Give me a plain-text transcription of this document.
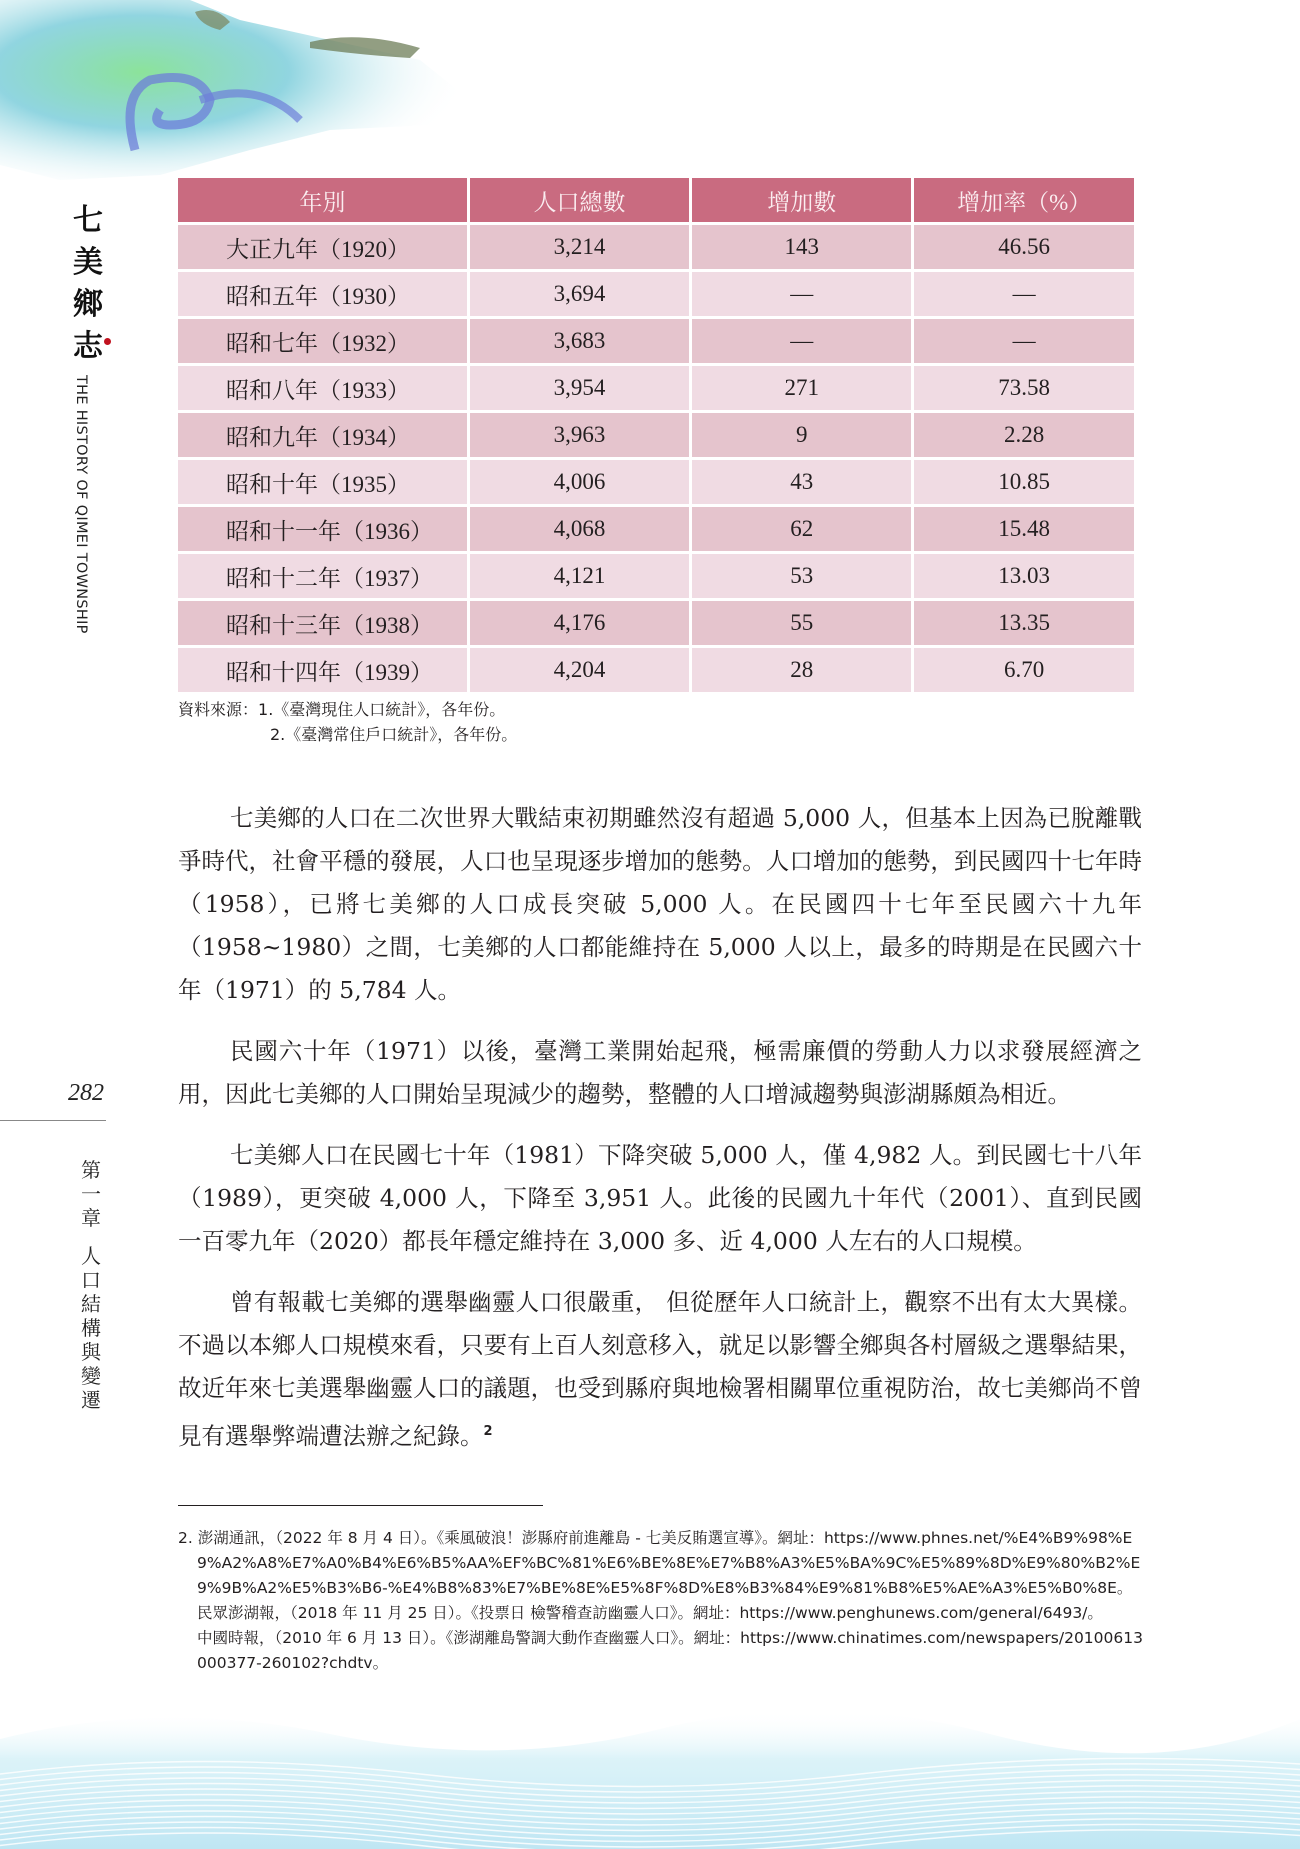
七
美
鄉
志
THE HISTORY OF QIMEI TOWNSHIP
282
第
一
章
人
口
結
構
與
變
遷
年別	人口總數	增加數	增加率（%）
大正九年（1920）	3,214	143	46.56
昭和五年（1930）	3,694	—	—
昭和七年（1932）	3,683	—	—
昭和八年（1933）	3,954	271	73.58
昭和九年（1934）	3,963	9	2.28
昭和十年（1935）	4,006	43	10.85
昭和十一年（1936）	4,068	62	15.48
昭和十二年（1937）	4,121	53	13.03
昭和十三年（1938）	4,176	55	13.35
昭和十四年（1939）	4,204	28	6.70
資料來源：1.《臺灣現住人口統計》，各年份。
2.《臺灣常住戶口統計》，各年份。

七美鄉的人口在二次世界大戰結束初期雖然沒有超過 5,000 人，但基本上因為已脫離戰爭時代，社會平穩的發展，人口也呈現逐步增加的態勢。人口增加的態勢，到民國四十七年時（1958），已將七美鄉的人口成長突破 5,000 人。在民國四十七年至民國六十九年（1958~1980）之間，七美鄉的人口都能維持在 5,000 人以上，最多的時期是在民國六十年（1971）的 5,784 人。

民國六十年（1971）以後，臺灣工業開始起飛，極需廉價的勞動人力以求發展經濟之用，因此七美鄉的人口開始呈現減少的趨勢，整體的人口增減趨勢與澎湖縣頗為相近。

七美鄉人口在民國七十年（1981）下降突破 5,000 人，僅 4,982 人。到民國七十八年（1989），更突破 4,000 人，下降至 3,951 人。此後的民國九十年代（2001）、直到民國一百零九年（2020）都長年穩定維持在 3,000 多、近 4,000 人左右的人口規模。

曾有報載七美鄉的選舉幽靈人口很嚴重， 但從歷年人口統計上，觀察不出有太大異樣。不過以本鄉人口規模來看，只要有上百人刻意移入，就足以影響全鄉與各村層級之選舉結果，故近年來七美選舉幽靈人口的議題，也受到縣府與地檢署相關單位重視防治，故七美鄉尚不曾見有選舉弊端遭法辦之紀錄。$^2$

2. 澎湖通訊，（2022 年 8 月 4 日）。《乘風破浪！澎縣府前進離島 - 七美反賄選宣導》。網址：https://www.phnes.net/%E4%B9%98%E9%A2%A8%E7%A0%B4%E6%B5%AA%EF%BC%81%E6%BE%8E%E7%B8%A3%E5%BA%9C%E5%89%8D%E9%80%B2%E9%9B%A2%E5%B3%B6-%E4%B8%83%E7%BE%8E%E5%8F%8D%E8%B3%84%E9%81%B8%E5%AE%A3%E5%B0%8E。

民眾澎湖報，（2018 年 11 月 25 日）。《投票日 檢警稽查訪幽靈人口》。網址：https://www.penghunews.com/general/6493/。

中國時報，（2010 年 6 月 13 日）。《澎湖離島警調大動作查幽靈人口》。網址：https://www.chinatimes.com/newspapers/20100613000377-260102?chdtv。
